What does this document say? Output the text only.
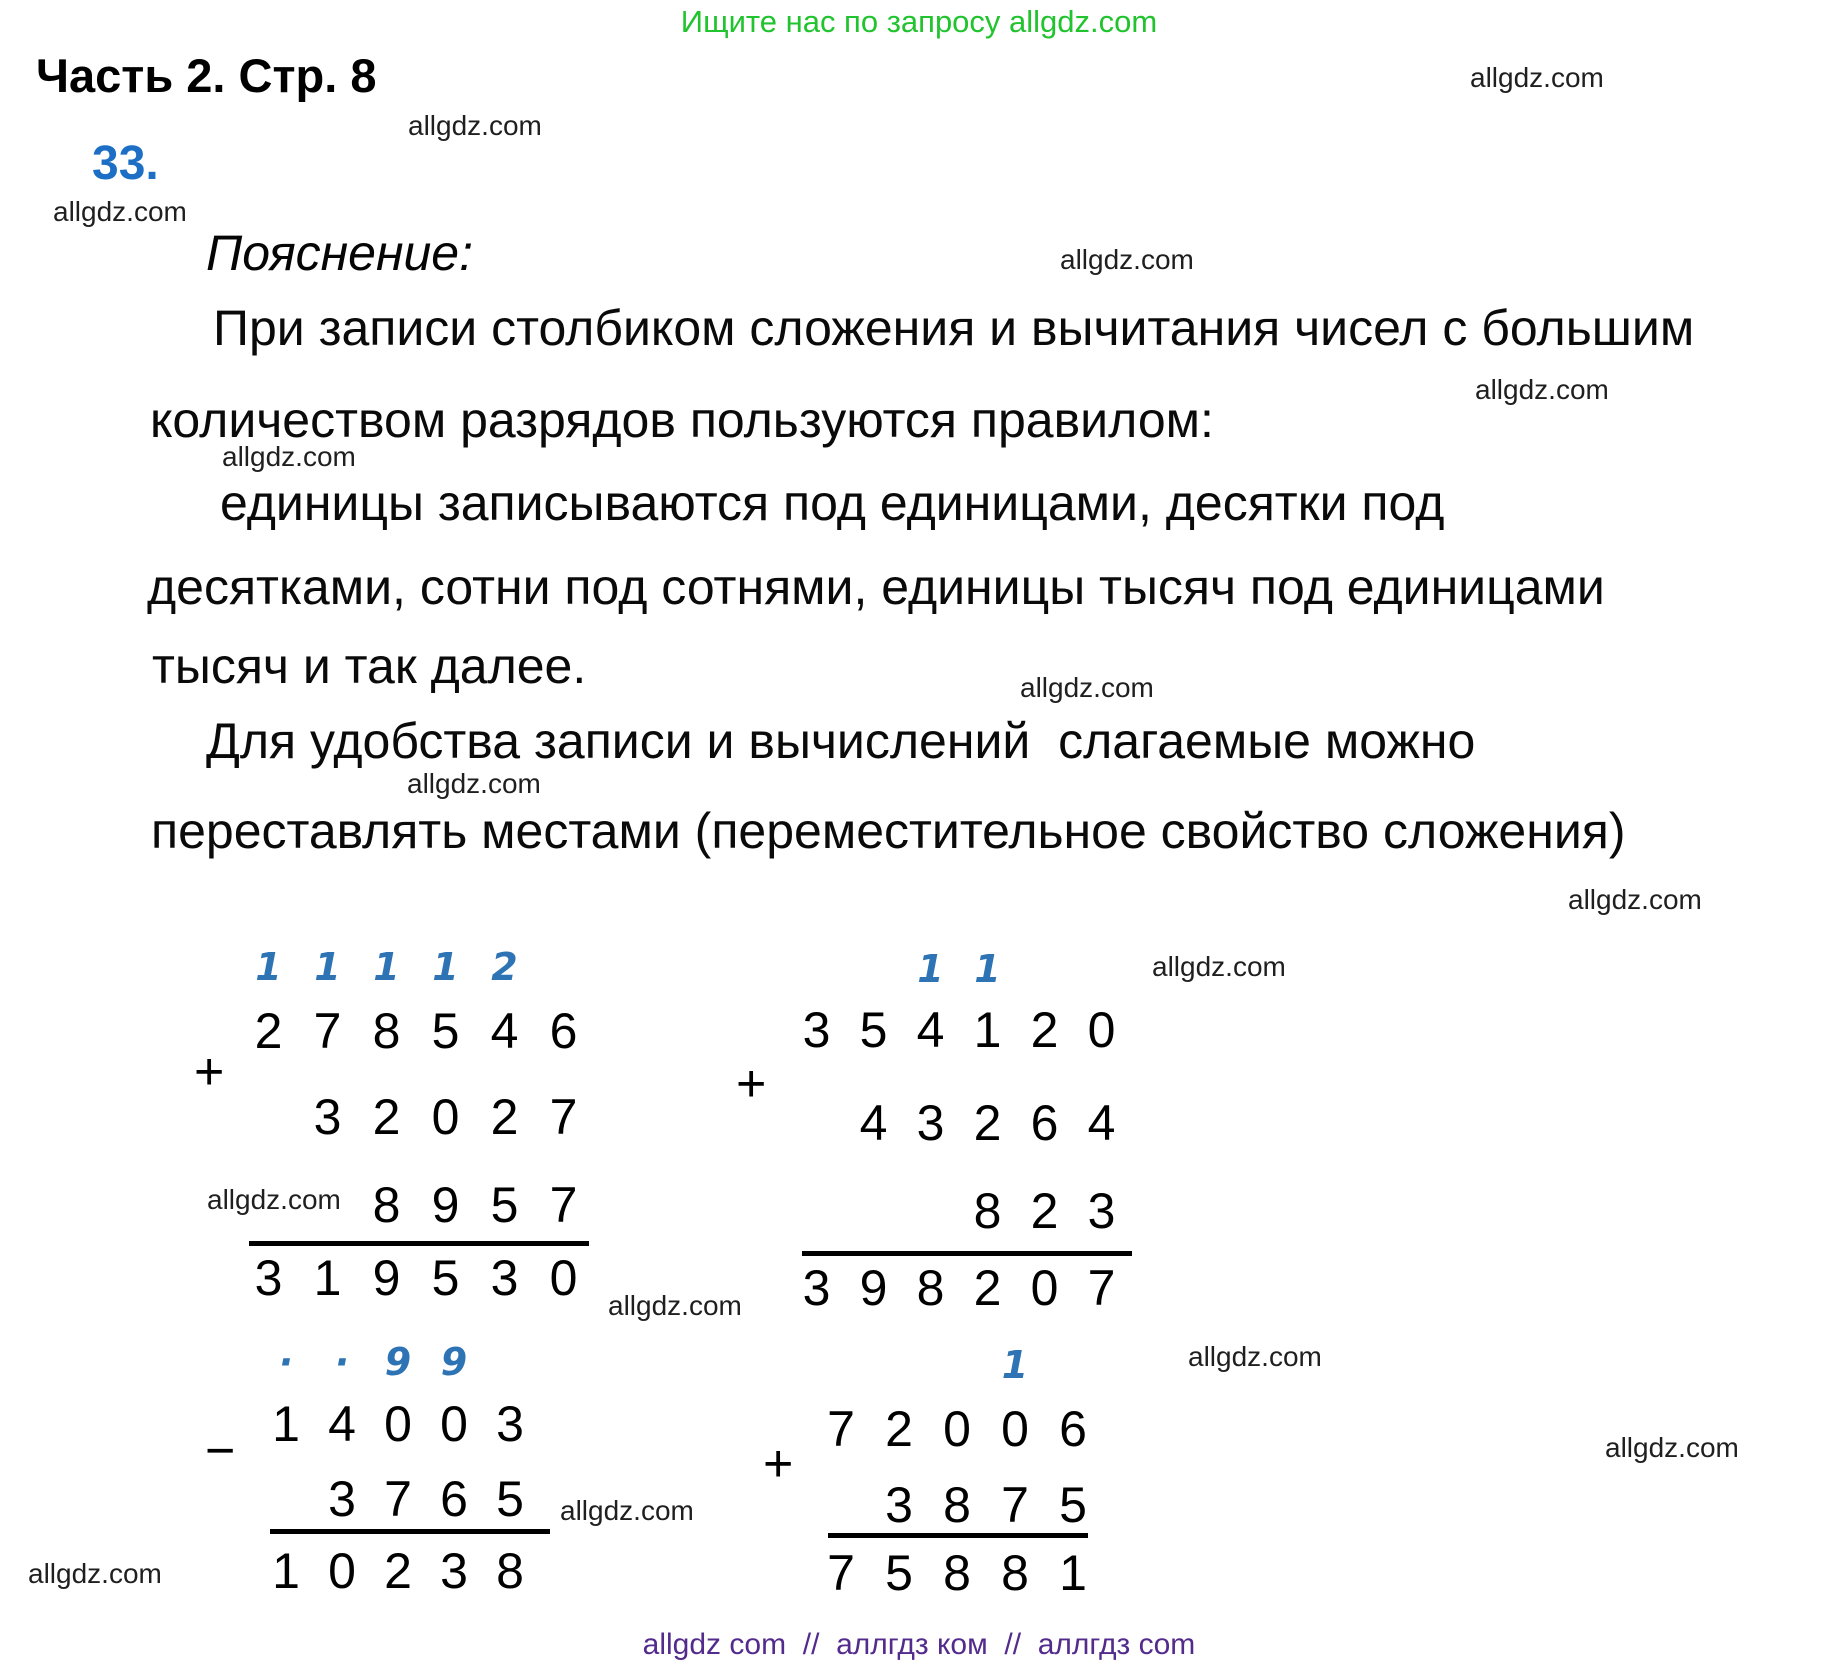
Ищите нас по запросу allgdz.com
Часть 2. Стр. 8
33.
Пояснение:
При записи столбиком сложения и вычитания чисел с большим
количеством разрядов пользуются правилом:
единицы записываются под единицами, десятки под
десятками, сотни под сотнями, единицы тысяч под единицами
тысяч и так далее.
Для удобства записи и вычислений  слагаемые можно
переставлять местами (переместительное свойство сложения)
allgdz.com
allgdz.com
allgdz.com
allgdz.com
allgdz.com
allgdz.com
allgdz.com
allgdz.com
allgdz.com
allgdz.com
allgdz.com
allgdz.com
allgdz.com
allgdz.com
allgdz.com
allgdz.com
1 1 1 1 2
2 7 8 5 4 6
3 2 0 2 7
8 9 5 7
+
3 1 9 5 3 0
1 1
3 5 4 1 2 0
4 3 2 6 4
8 2 3
+
3 9 8 2 0 7
·	· 9 9
1 4 0 0 3
3 7 6 5
−
1 0 2 3 8
1
7 2 0 0 6
3 8 7 5
+
7 5 8 8 1
allgdz com  //  аллгдз ком  //  аллгдз com
